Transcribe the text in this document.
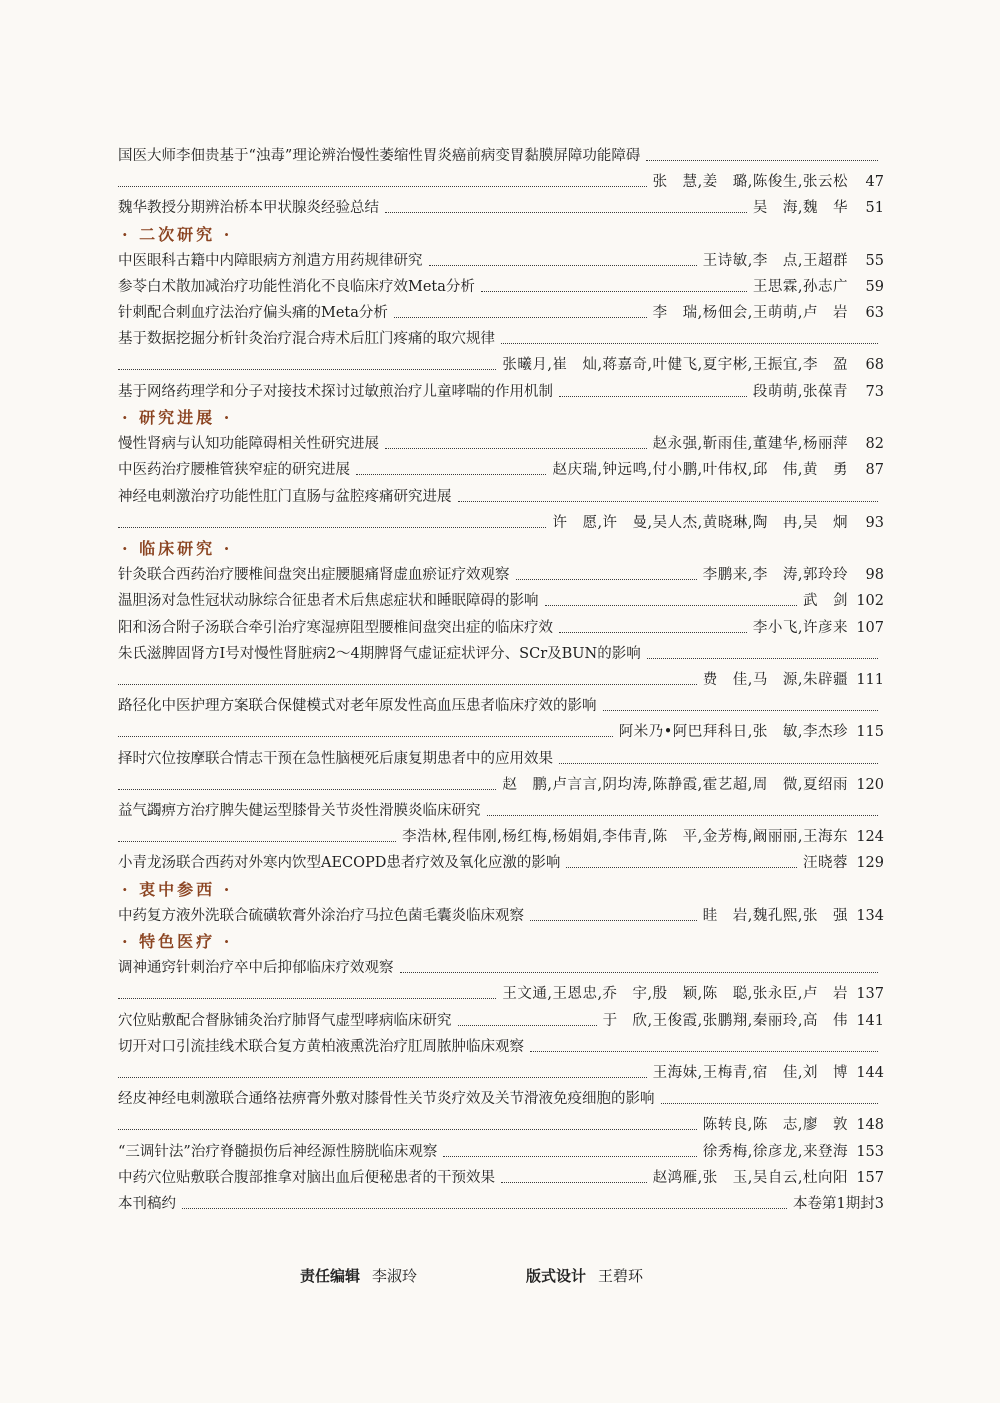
国医大师李佃贵基于“浊毒”理论辨治慢性萎缩性胃炎癌前病变胃黏膜屏障功能障碍
张　慧,姜　璐,陈俊生,张云松	47
魏华教授分期辨治桥本甲状腺炎经验总结	吴　海,魏　华	51
· 二次研究 ·
中医眼科古籍中内障眼病方剂遣方用药规律研究	王诗敏,李　点,王超群	55
参苓白术散加减治疗功能性消化不良临床疗效Meta分析	王思霖,孙志广	59
针刺配合刺血疗法治疗偏头痛的Meta分析	李　瑞,杨佃会,王萌萌,卢　岩	63
基于数据挖掘分析针灸治疗混合痔术后肛门疼痛的取穴规律
张曦月,崔　灿,蒋嘉奇,叶健飞,夏宇彬,王振宜,李　盈	68
基于网络药理学和分子对接技术探讨过敏煎治疗儿童哮喘的作用机制	段萌萌,张葆青	73
· 研究进展 ·
慢性肾病与认知功能障碍相关性研究进展	赵永强,靳雨佳,董建华,杨丽萍	82
中医药治疗腰椎管狭窄症的研究进展	赵庆瑞,钟远鸣,付小鹏,叶伟权,邱　伟,黄　勇	87
神经电刺激治疗功能性肛门直肠与盆腔疼痛研究进展
许　愿,许　曼,吴人杰,黄晓琳,陶　冉,吴　炯	93
· 临床研究 ·
针灸联合西药治疗腰椎间盘突出症腰腿痛肾虚血瘀证疗效观察	李鹏来,李　涛,郭玲玲	98
温胆汤对急性冠状动脉综合征患者术后焦虑症状和睡眠障碍的影响	武　剑 102
阳和汤合附子汤联合牵引治疗寒湿痹阻型腰椎间盘突出症的临床疗效	李小飞,许彦来 107
朱氏滋脾固肾方Ⅰ号对慢性肾脏病2～4期脾肾气虚证症状评分、SCr及BUN的影响
费　佳,马　源,朱辟疆 111
路径化中医护理方案联合保健模式对老年原发性高血压患者临床疗效的影响
阿米乃•阿巴拜科日,张　敏,李杰珍 115
择时穴位按摩联合情志干预在急性脑梗死后康复期患者中的应用效果
赵　鹏,卢言言,阴均涛,陈静霞,霍艺超,周　微,夏绍雨 120
益气蠲痹方治疗脾失健运型膝骨关节炎性滑膜炎临床研究
李浩林,程伟刚,杨红梅,杨娟娟,李伟青,陈　平,金芳梅,阚丽丽,王海东 124
小青龙汤联合西药对外寒内饮型AECOPD患者疗效及氧化应激的影响	汪晓蓉 129
· 衷中参西 ·
中药复方液外洗联合硫磺软膏外涂治疗马拉色菌毛囊炎临床观察	眭　岩,魏孔熙,张　强 134
· 特色医疗 ·
调神通窍针刺治疗卒中后抑郁临床疗效观察
王文通,王恩忠,乔　宇,殷　颖,陈　聪,张永臣,卢　岩 137
穴位贴敷配合督脉铺灸治疗肺肾气虚型哮病临床研究	于　欣,王俊霞,张鹏翔,秦丽玲,高　伟 141
切开对口引流挂线术联合复方黄柏液熏洗治疗肛周脓肿临床观察
王海妹,王梅青,宿　佳,刘　博 144
经皮神经电刺激联合通络祛痹膏外敷对膝骨性关节炎疗效及关节滑液免疫细胞的影响
陈转良,陈　志,廖　敦 148
“三调针法”治疗脊髓损伤后神经源性膀胱临床观察	徐秀梅,徐彦龙,来登海 153
中药穴位贴敷联合腹部推拿对脑出血后便秘患者的干预效果	赵鸿雁,张　玉,吴自云,杜向阳 157
本刊稿约	本卷第1期封3
责任编辑 李淑玲	版式设计 王碧环
